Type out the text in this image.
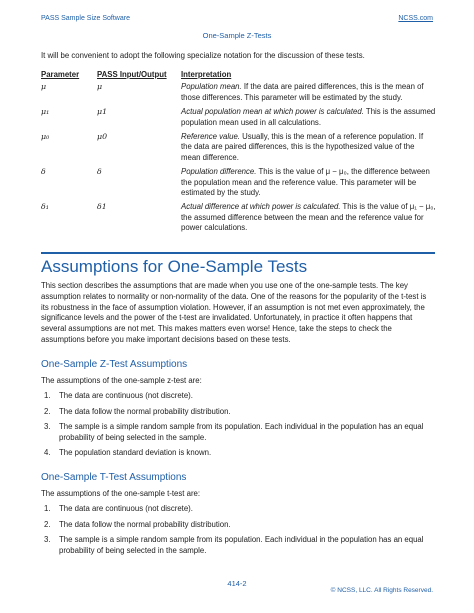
PASS Sample Size Software	NCSS.com
One-Sample Z-Tests
It will be convenient to adopt the following specialize notation for the discussion of these tests.
Parameter	PASS Input/Output	Interpretation
μ	μ	Population mean. If the data are paired differences, this is the mean of those differences. This parameter will be estimated by the study.
μ₁	μ1	Actual population mean at which power is calculated. This is the assumed population mean used in all calculations.
μ₀	μ0	Reference value. Usually, this is the mean of a reference population. If the data are paired differences, this is the hypothesized value of the mean difference.
δ	δ	Population difference. This is the value of μ − μ₀, the difference between the population mean and the reference value. This parameter will be estimated by the study.
δ₁	δ1	Actual difference at which power is calculated. This is the value of μ₁ − μ₀, the assumed difference between the mean and the reference value for power calculations.
Assumptions for One-Sample Tests
This section describes the assumptions that are made when you use one of the one-sample tests. The key assumption relates to normality or non-normality of the data. One of the reasons for the popularity of the t-test is its robustness in the face of assumption violation. However, if an assumption is not met even approximately, the significance levels and the power of the t-test are invalidated. Unfortunately, in practice it often happens that several assumptions are not met. This makes matters even worse! Hence, take the steps to check the assumptions before you make important decisions based on these tests.
One-Sample Z-Test Assumptions
The assumptions of the one-sample z-test are:
1.	The data are continuous (not discrete).
2.	The data follow the normal probability distribution.
3.	The sample is a simple random sample from its population. Each individual in the population has an equal probability of being selected in the sample.
4.	The population standard deviation is known.
One-Sample T-Test Assumptions
The assumptions of the one-sample t-test are:
1.	The data are continuous (not discrete).
2.	The data follow the normal probability distribution.
3.	The sample is a simple random sample from its population. Each individual in the population has an equal probability of being selected in the sample.
414-2
© NCSS, LLC. All Rights Reserved.
